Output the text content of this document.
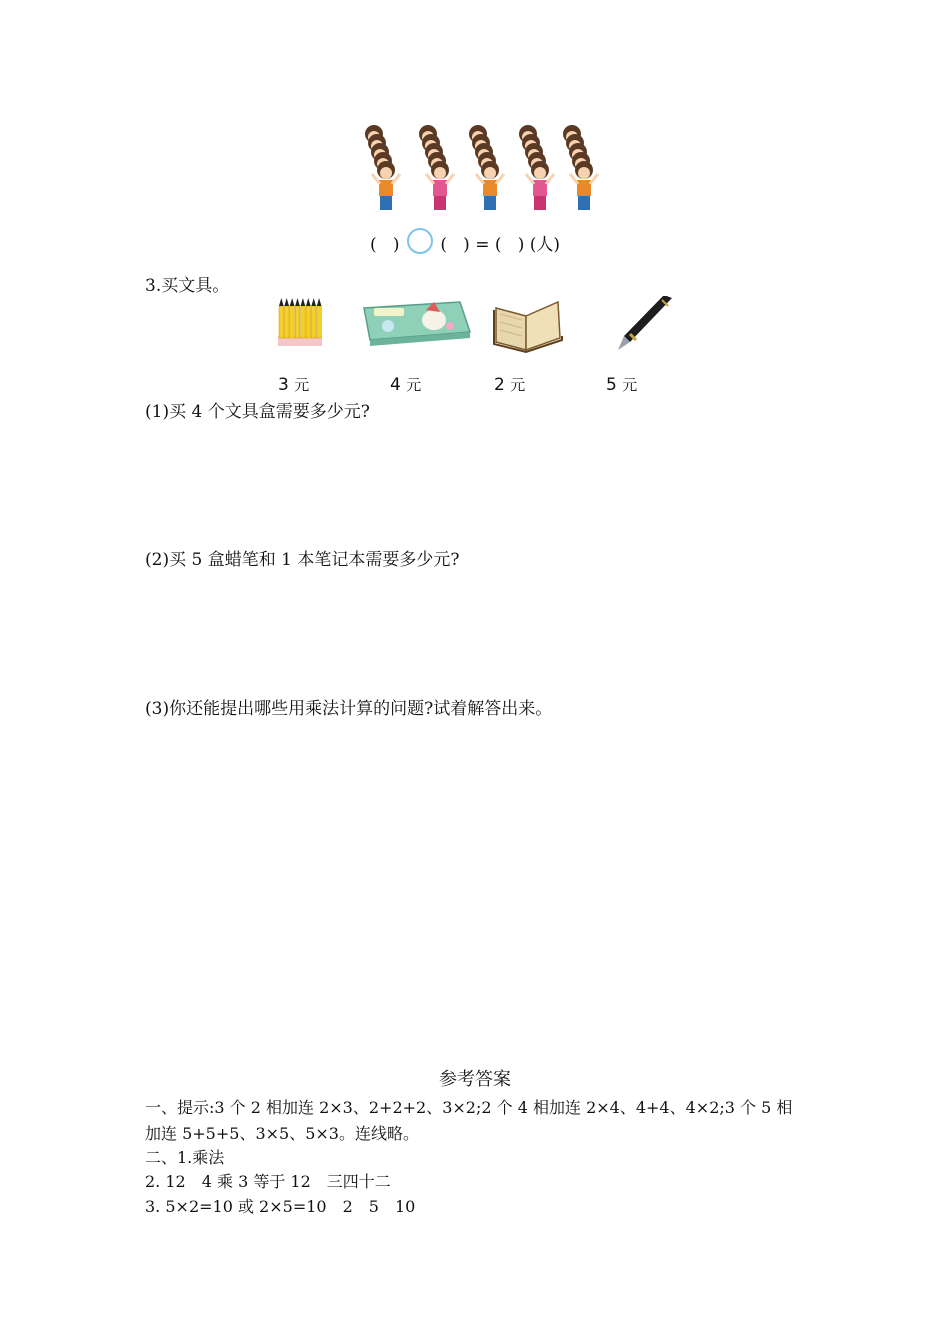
( ) ( ) = ( ) (人)
3.买文具。
3 元	4 元	2 元	5 元
(1)买 4 个文具盒需要多少元?
(2)买 5 盒蜡笔和 1 本笔记本需要多少元?
(3)你还能提出哪些用乘法计算的问题?试着解答出来。
参考答案
一、提示:3 个 2 相加连 2×3、2+2+2、3×2;2 个 4 相加连 2×4、4+4、4×2;3 个 5 相
加连 5+5+5、3×5、5×3。连线略。
二、1.乘法
2. 12　4 乘 3 等于 12　三四十二
3. 5×2=10 或 2×5=10　2　5　10
